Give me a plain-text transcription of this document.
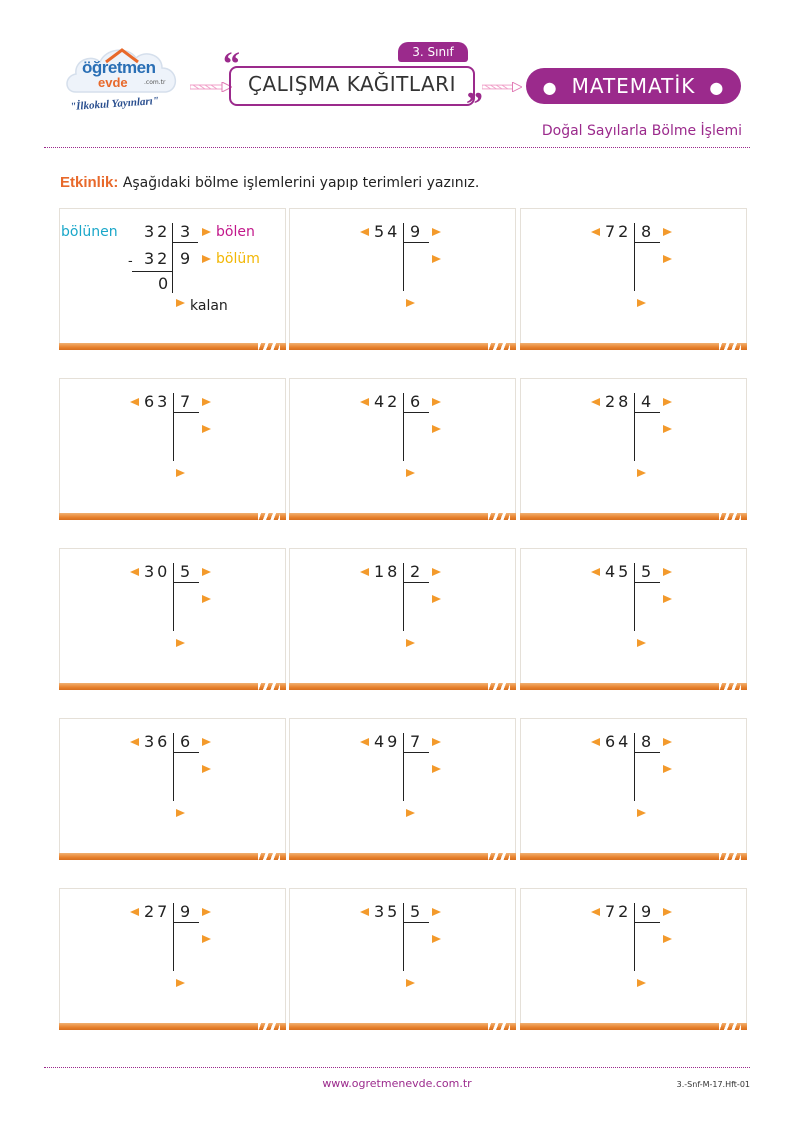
öğretmen
evde	.com.tr
"İlkokul Yayınları"
“
”
ÇALIŞMA KAĞITLARI
3. Sınıf
● MATEMATİK ●
Doğal Sayılarla Bölme İşlemi
Etkinlik: Aşağıdaki bölme işlemlerini yapıp terimleri yazınız.
bölünen 32 3 bölen
- 32 9 bölüm
0
kalan
54 9	72 8
63 7	42 6	28 4
30 5	18 2	45 5
36 6	49 7	64 8
27 9	35 5	72 9
www.ogretmenevde.com.tr	3.-Snf-M-17.Hft-01
